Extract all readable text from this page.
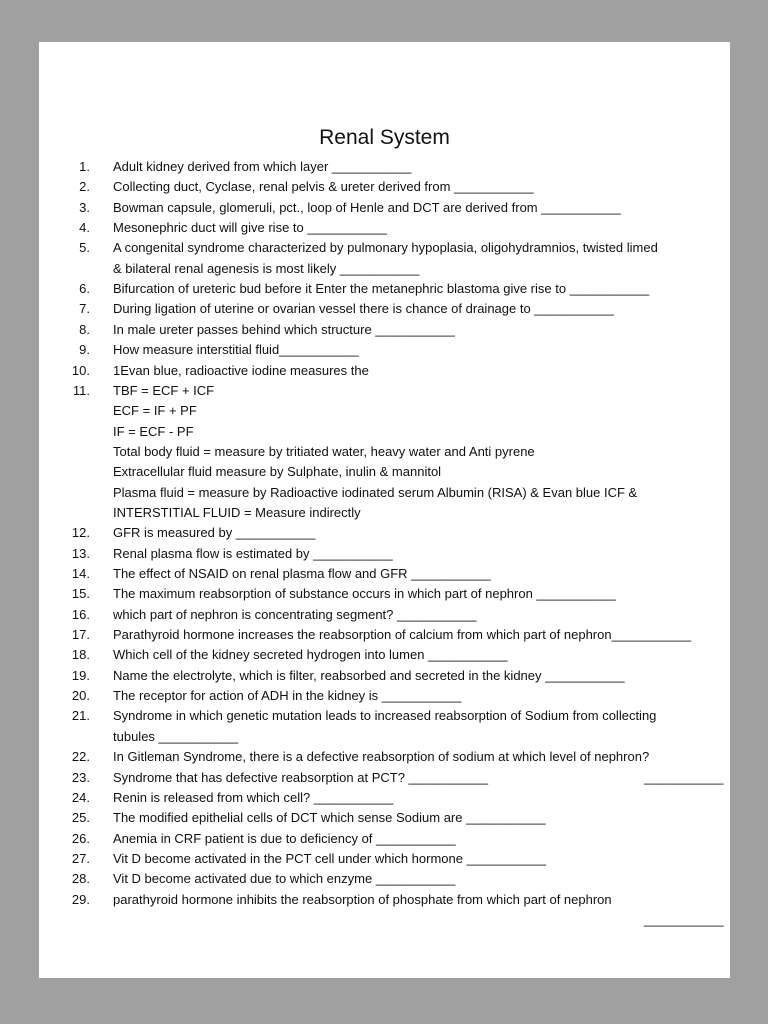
Renal System
1. Adult kidney derived from which layer ___________
2. Collecting duct, Cyclase, renal pelvis & ureter derived from ___________
3. Bowman capsule, glomeruli, pct., loop of Henle and DCT are derived from ___________
4. Mesonephric duct will give rise to ___________
5. A congenital syndrome characterized by pulmonary hypoplasia, oligohydramnios, twisted limed
& bilateral renal agenesis is most likely ___________
6. Bifurcation of ureteric bud before it Enter the metanephric blastoma give rise to ___________
7. During ligation of uterine or ovarian vessel there is chance of drainage to ___________
8. In male ureter passes behind which structure ___________
9. How measure interstitial fluid___________
10. 1Evan blue, radioactive iodine measures the
11. TBF = ECF + ICF
ECF = IF + PF
IF = ECF - PF
Total body fluid = measure by tritiated water, heavy water and Anti pyrene
Extracellular fluid measure by Sulphate, inulin & mannitol
Plasma fluid = measure by Radioactive iodinated serum Albumin (RISA) & Evan blue ICF &
INTERSTITIAL FLUID = Measure indirectly
12. GFR is measured by ___________
13. Renal plasma flow is estimated by ___________
14. The effect of NSAID on renal plasma flow and GFR ___________
15. The maximum reabsorption of substance occurs in which part of nephron ___________
16. which part of nephron is concentrating segment? ___________
17. Parathyroid hormone increases the reabsorption of calcium from which part of nephron___________
18. Which cell of the kidney secreted hydrogen into lumen ___________
19. Name the electrolyte, which is filter, reabsorbed and secreted in the kidney ___________
20. The receptor for action of ADH in the kidney is ___________
21. Syndrome in which genetic mutation leads to increased reabsorption of Sodium from collecting
tubules ___________
22. In Gitleman Syndrome, there is a defective reabsorption of sodium at which level of nephron?
23. Syndrome that has defective reabsorption at PCT? ___________	___________
24. Renin is released from which cell? ___________
25. The modified epithelial cells of DCT which sense Sodium are ___________
26. Anemia in CRF patient is due to deficiency of ___________
27. Vit D become activated in the PCT cell under which hormone ___________
28. Vit D become activated due to which enzyme ___________
29. parathyroid hormone inhibits the reabsorption of phosphate from which part of nephron
___________
